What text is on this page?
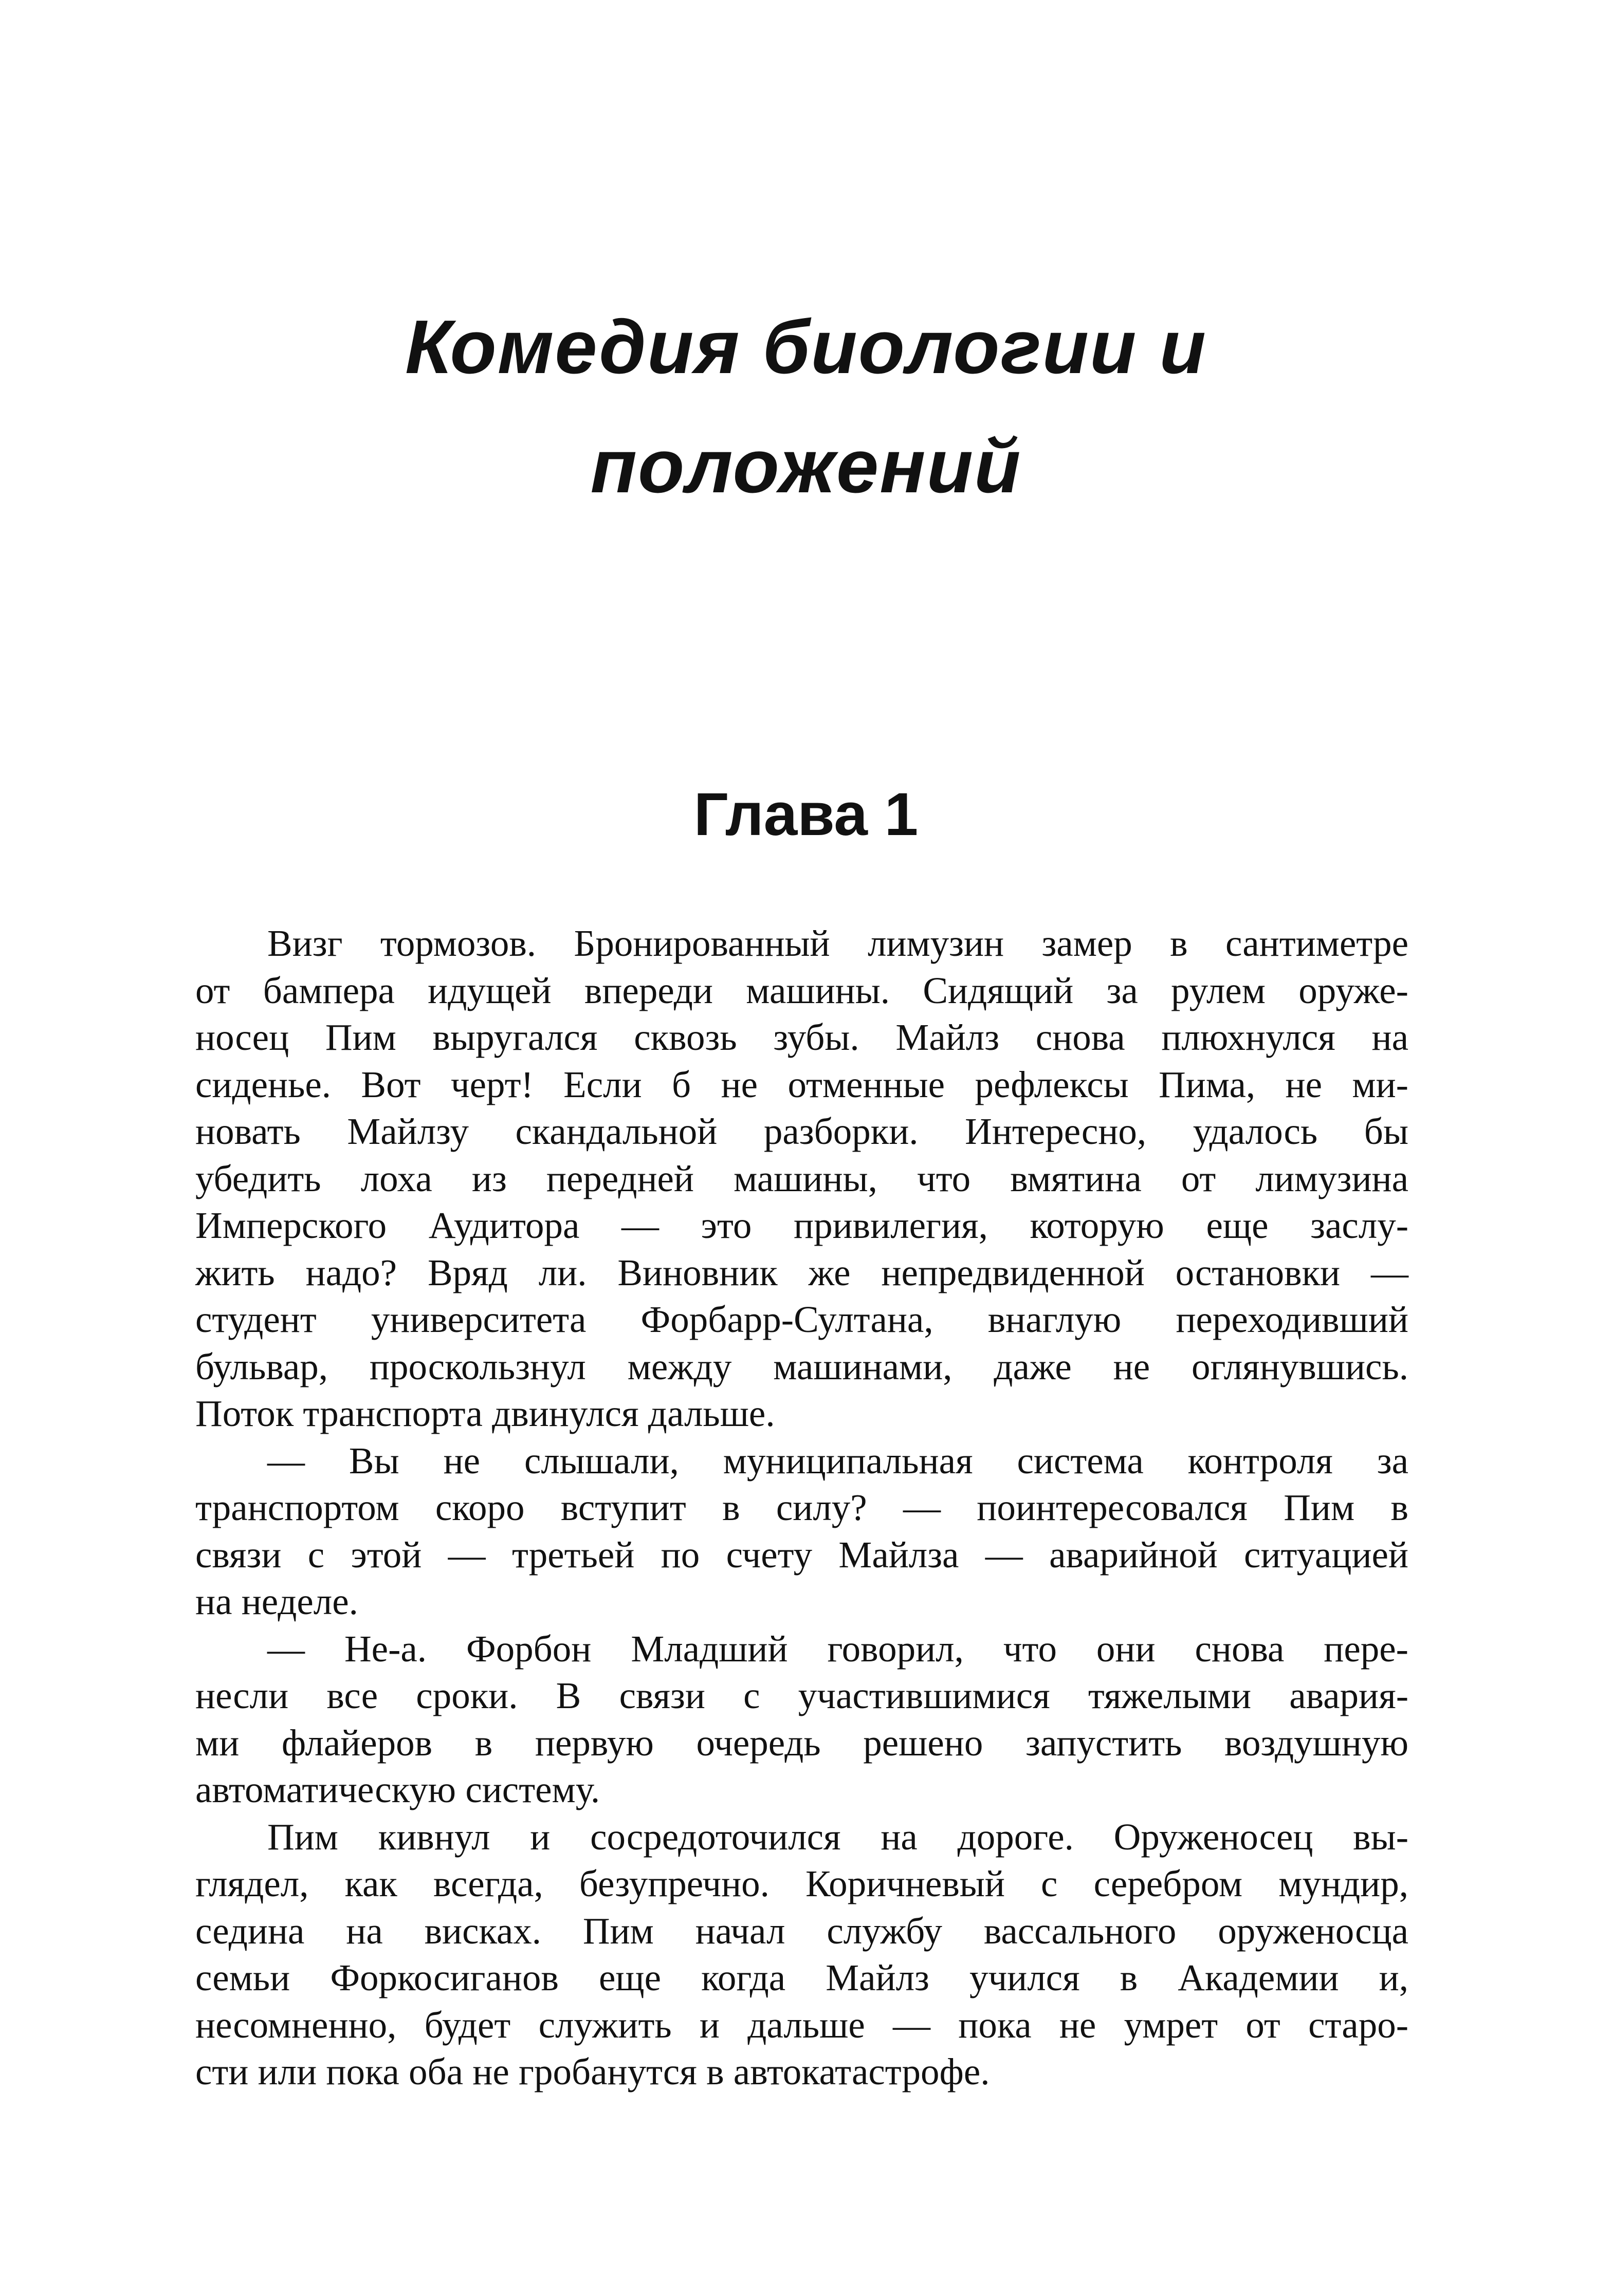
Комедия биологии и
положений
Глава 1

Визг тормозов. Бронированный лимузин замер в сантиметре
от бампера идущей впереди машины. Сидящий за рулем оруже-
носец Пим выругался сквозь зубы. Майлз снова плюхнулся на
сиденье. Вот черт! Если б не отменные рефлексы Пима, не ми-
новать Майлзу скандальной разборки. Интересно, удалось бы
убедить лоха из передней машины, что вмятина от лимузина
Имперского Аудитора — это привилегия, которую еще заслу-
жить надо? Вряд ли. Виновник же непредвиденной остановки —
студент университета Форбарр-Султана, внаглую переходивший
бульвар, проскользнул между машинами, даже не оглянувшись.
Поток транспорта двинулся дальше.

— Вы не слышали, муниципальная система контроля за
транспортом скоро вступит в силу? — поинтересовался Пим в
связи с этой — третьей по счету Майлза — аварийной ситуацией
на неделе.

— Не-а. Форбон Младший говорил, что они снова пере-
несли все сроки. В связи с участившимися тяжелыми авария-
ми флайеров в первую очередь решено запустить воздушную
автоматическую систему.

Пим кивнул и сосредоточился на дороге. Оруженосец вы-
глядел, как всегда, безупречно. Коричневый с серебром мундир,
седина на висках. Пим начал службу вассального оруженосца
семьи Форкосиганов еще когда Майлз учился в Академии и,
несомненно, будет служить и дальше — пока не умрет от старо-
сти или пока оба не гробанутся в автокатастрофе.
